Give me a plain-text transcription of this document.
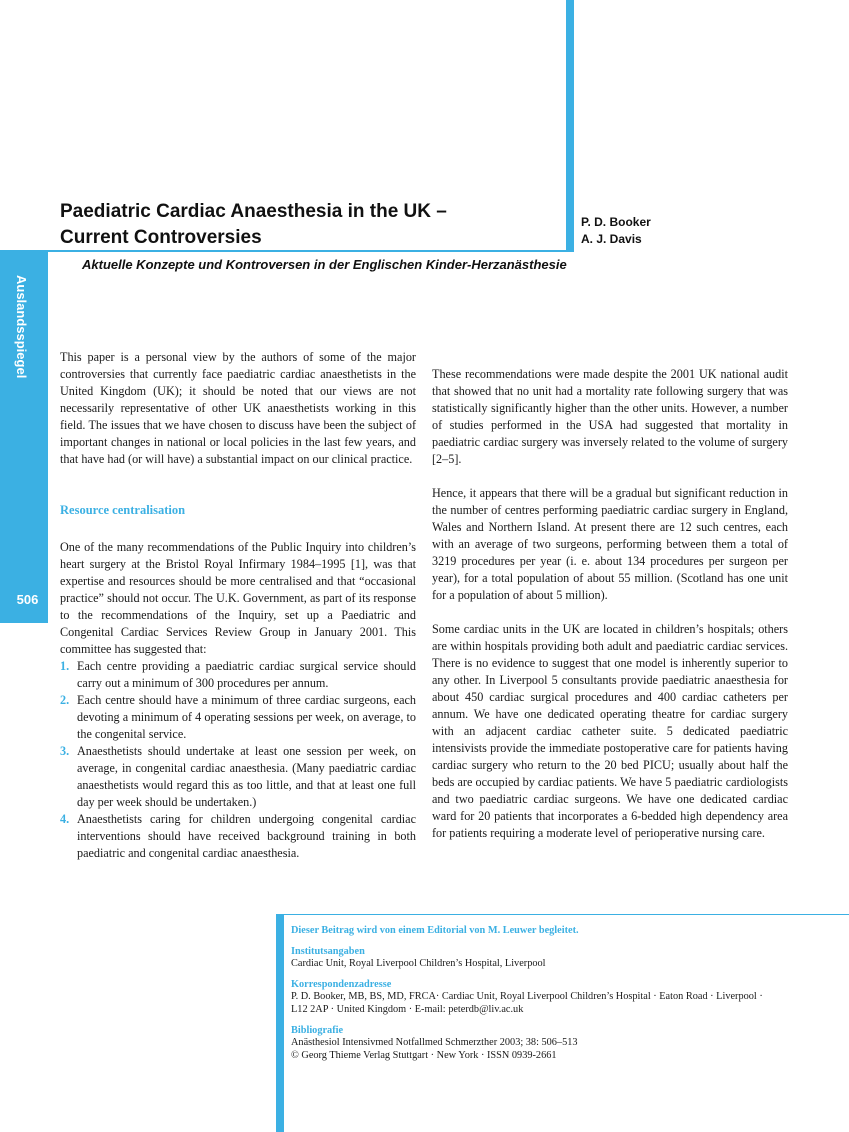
Paediatric Cardiac Anaesthesia in the UK –
Current Controversies
P. D. Booker
A. J. Davis
Aktuelle Konzepte und Kontroversen in der Englischen Kinder-Herzanästhesie
Auslandsspiegel
506

This paper is a personal view by the authors of some of the major controversies that currently face paediatric cardiac anaesthetists in the United Kingdom (UK); it should be noted that our views are not necessarily representative of other UK anaesthetists working in this field. The issues that we have chosen to discuss have been the subject of important changes in national or local policies in the last few years, and that have had (or will have) a substantial impact on our clinical practice.

Resource centralisation

One of the many recommendations of the Public Inquiry into children’s heart surgery at the Bristol Royal Infirmary 1984–1995 [1], was that expertise and resources should be more centralised and that “occasional practice” should not occur. The U.K. Government, as part of its response to the recommendations of the Inquiry, set up a Paediatric and Congenital Cardiac Services Review Group in January 2001. This committee has suggested that:

1. Each centre providing a paediatric cardiac surgical service should carry out a minimum of 300 procedures per annum.
2. Each centre should have a minimum of three cardiac surgeons, each devoting a minimum of 4 operating sessions per week, on average, to the congenital service.
3. Anaesthetists should undertake at least one session per week, on average, in congenital cardiac anaesthesia. (Many paediatric cardiac anaesthetists would regard this as too little, and that at least one full day per week should be undertaken.)
4. Anaesthetists caring for children undergoing congenital cardiac interventions should have received background training in both paediatric and congenital cardiac anaesthesia.

These recommendations were made despite the 2001 UK national audit that showed that no unit had a mortality rate following surgery that was statistically significantly higher than the other units. However, a number of studies performed in the USA had suggested that mortality in paediatric cardiac surgery was inversely related to the volume of surgery [2–5].

Hence, it appears that there will be a gradual but significant reduction in the number of centres performing paediatric cardiac surgery in England, Wales and Northern Island. At present there are 12 such centres, each with an average of two surgeons, performing between them a total of 3219 procedures per year (i. e. about 134 procedures per surgeon per year), for a total population of about 55 million. (Scotland has one unit for a population of about 5 million).

Some cardiac units in the UK are located in children’s hospitals; others are within hospitals providing both adult and paediatric cardiac services. There is no evidence to suggest that one model is inherently superior to any other. In Liverpool 5 consultants provide paediatric anaesthesia for about 450 cardiac surgical procedures and 400 cardiac catheters per annum. We have one dedicated operating theatre for cardiac surgery with an adjacent cardiac catheter suite. 5 dedicated paediatric intensivists provide the immediate postoperative care for patients having cardiac surgery who return to the 20 bed PICU; usually about half the beds are occupied by cardiac patients. We have 5 paediatric cardiologists and two paediatric cardiac surgeons. We have one dedicated cardiac ward for 20 patients that incorporates a 6-bedded high dependency area for patients requiring a moderate level of perioperative nursing care.

Dieser Beitrag wird von einem Editorial von M. Leuwer begleitet.
Institutsangaben
Cardiac Unit, Royal Liverpool Children’s Hospital, Liverpool
Korrespondenzadresse
P. D. Booker, MB, BS, MD, FRCA· Cardiac Unit, Royal Liverpool Children’s Hospital · Eaton Road · Liverpool ·
L12 2AP · United Kingdom · E-mail: peterdb@liv.ac.uk
Bibliografie
Anästhesiol Intensivmed Notfallmed Schmerzther 2003; 38: 506–513
© Georg Thieme Verlag Stuttgart · New York · ISSN 0939-2661
